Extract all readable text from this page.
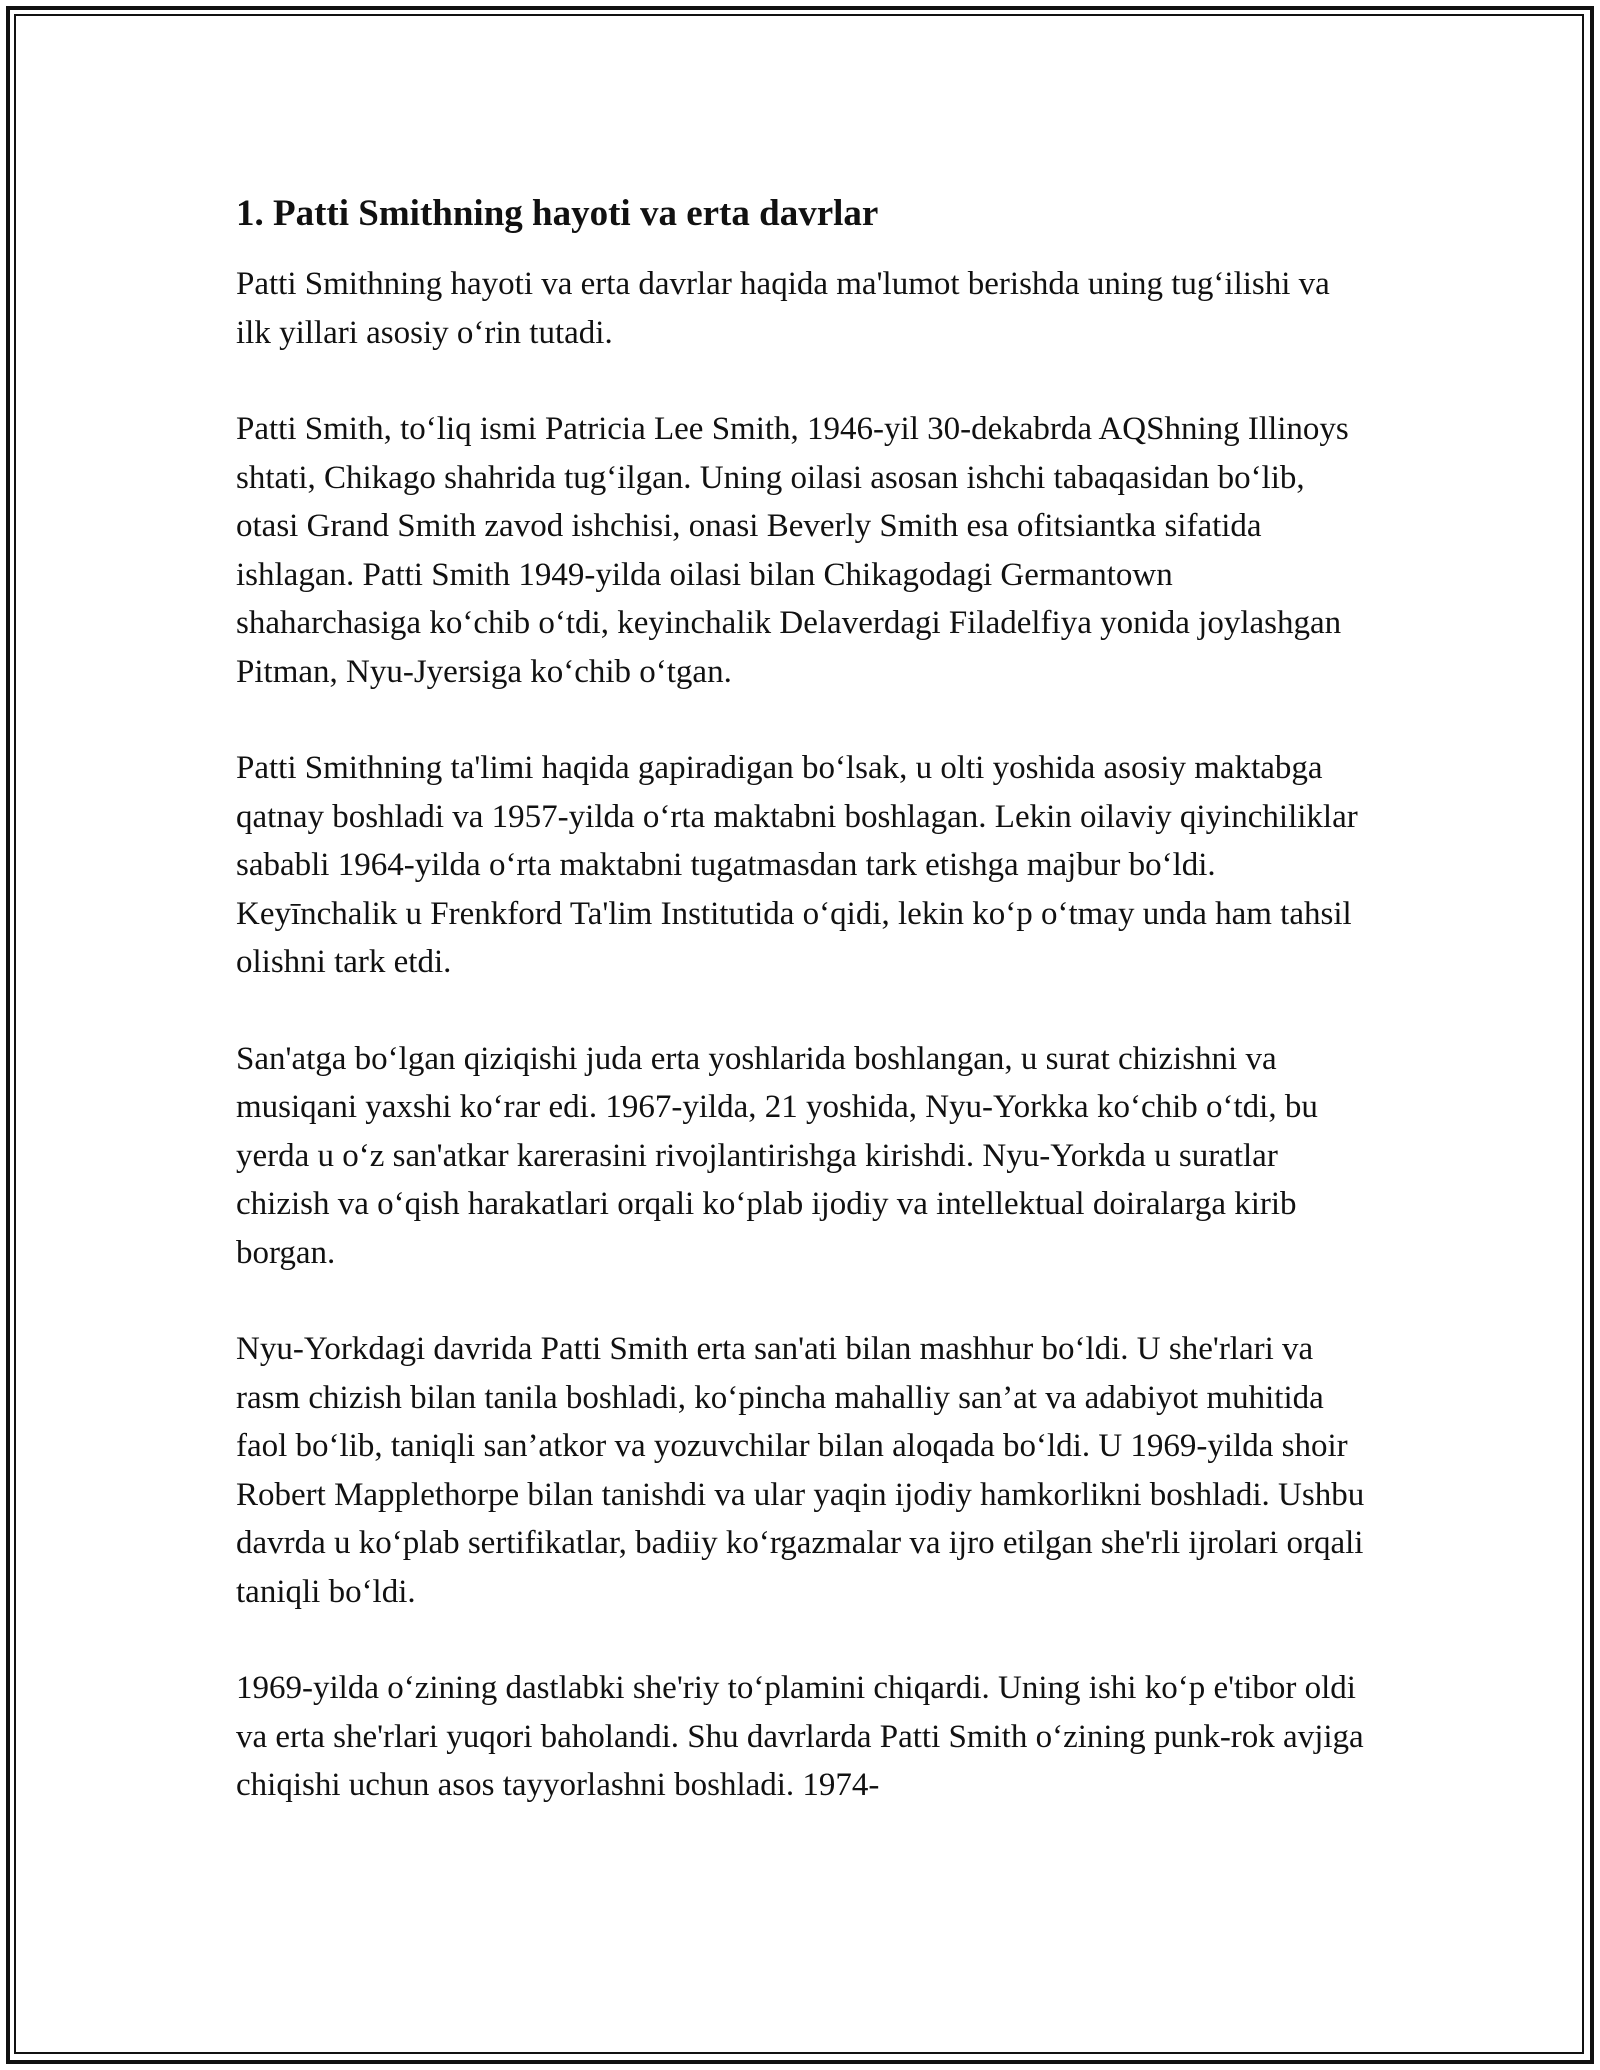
1. Patti Smithning hayoti va erta davrlar

Patti Smithning hayoti va erta davrlar haqida ma'lumot berishda uning tug‘ilishi va ilk yillari asosiy o‘rin tutadi.

Patti Smith, to‘liq ismi Patricia Lee Smith, 1946-yil 30-dekabrda AQShning Illinoys shtati, Chikago shahrida tug‘ilgan. Uning oilasi asosan ishchi tabaqasidan bo‘lib, otasi Grand Smith zavod ishchisi, onasi Beverly Smith esa ofitsiantka sifatida ishlagan. Patti Smith 1949-yilda oilasi bilan Chikagodagi Germantown shaharchasiga ko‘chib o‘tdi, keyinchalik Delaverdagi Filadelfiya yonida joylashgan Pitman, Nyu-Jyersiga ko‘chib o‘tgan.

Patti Smithning ta'limi haqida gapiradigan bo‘lsak, u olti yoshida asosiy maktabga qatnay boshladi va 1957-yilda o‘rta maktabni boshlagan. Lekin oilaviy qiyinchiliklar sababli 1964-yilda o‘rta maktabni tugatmasdan tark etishga majbur bo‘ldi. Keyīnchalik u Frenkford Ta'lim Institutida o‘qidi, lekin ko‘p o‘tmay unda ham tahsil olishni tark etdi.

San'atga bo‘lgan qiziqishi juda erta yoshlarida boshlangan, u surat chizishni va musiqani yaxshi ko‘rar edi. 1967-yilda, 21 yoshida, Nyu-Yorkka ko‘chib o‘tdi, bu yerda u o‘z san'atkar karerasini rivojlantirishga kirishdi. Nyu-Yorkda u suratlar chizish va o‘qish harakatlari orqali ko‘plab ijodiy va intellektual doiralarga kirib borgan.

Nyu-Yorkdagi davrida Patti Smith erta san'ati bilan mashhur bo‘ldi. U she'rlari va rasm chizish bilan tanila boshladi, ko‘pincha mahalliy san’at va adabiyot muhitida faol bo‘lib, taniqli san’atkor va yozuvchilar bilan aloqada bo‘ldi. U 1969-yilda shoir Robert Mapplethorpe bilan tanishdi va ular yaqin ijodiy hamkorlikni boshladi. Ushbu davrda u ko‘plab sertifikatlar, badiiy ko‘rgazmalar va ijro etilgan she'rli ijrolari orqali taniqli bo‘ldi.

1969-yilda o‘zining dastlabki she'riy to‘plamini chiqardi. Uning ishi ko‘p e'tibor oldi va erta she'rlari yuqori baholandi. Shu davrlarda Patti Smith o‘zining punk-rok avjiga chiqishi uchun asos tayyorlashni boshladi. 1974-
